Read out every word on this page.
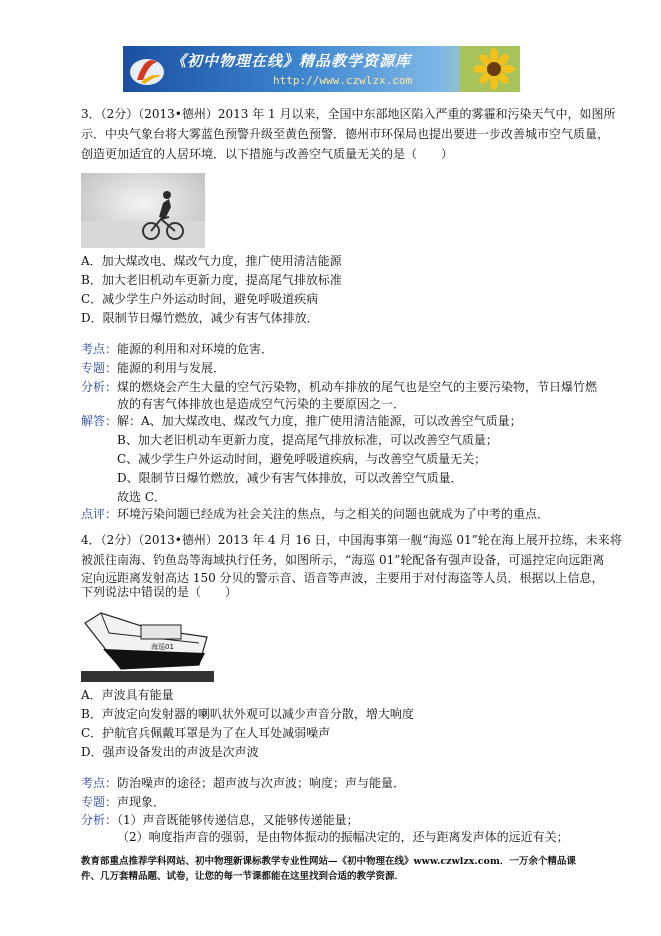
《初中物理在线》精品教学资源库
http://www.czwlzx.com
3．（2分）（2013•德州）2013 年 1 月以来，全国中东部地区陷入严重的雾霾和污染天气中，如图所
示．中央气象台将大雾蓝色预警升级至黄色预警．德州市环保局也提出要进一步改善城市空气质量，
创造更加适宜的人居环境．以下措施与改善空气质量无关的是（　　）
A．加大煤改电、煤改气力度，推广使用清洁能源
B．加大老旧机动车更新力度，提高尾气排放标准
C．减少学生户外运动时间，避免呼吸道疾病
D．限制节日爆竹燃放，减少有害气体排放．
考点：能源的利用和对环境的危害．
专题：能源的利用与发展．
分析：煤的燃烧会产生大量的空气污染物，机动车排放的尾气也是空气的主要污染物，节日爆竹燃
放的有害气体排放也是造成空气污染的主要原因之一．
解答：解：A、加大煤改电、煤改气力度，推广使用清洁能源，可以改善空气质量；
B、加大老旧机动车更新力度，提高尾气排放标准，可以改善空气质量；
C、减少学生户外运动时间，避免呼吸道疾病，与改善空气质量无关；
D、限制节日爆竹燃放，减少有害气体排放，可以改善空气质量．
故选 C．
点评：环境污染问题已经成为社会关注的焦点，与之相关的问题也就成为了中考的重点．
4．（2分）（2013•德州）2013 年 4 月 16 日，中国海事第一舰“海巡 01”轮在海上展开拉练，未来将
被派往南海、钓鱼岛等海域执行任务，如图所示，“海巡 01”轮配备有强声设备，可遥控定向远距离
定向远距离发射高达 150 分贝的警示音、语音等声波，主要用于对付海盗等人员．根据以上信息，
下列说法中错误的是（　　）
海巡01
A．声波具有能量
B．声波定向发射器的喇叭状外观可以减少声音分散，增大响度
C．护航官兵佩戴耳罩是为了在人耳处减弱噪声
D．强声设备发出的声波是次声波
考点：防治噪声的途径；超声波与次声波；响度；声与能量．
专题：声现象．
分析：（1）声音既能够传递信息，又能够传递能量；
（2）响度指声音的强弱，是由物体振动的振幅决定的，还与距离发声体的远近有关；
教育部重点推荐学科网站、初中物理新课标教学专业性网站—《初中物理在线》www.czwlzx.com．一万余个精品课
件、几万套精品题、试卷，让您的每一节课都能在这里找到合适的教学资源．
